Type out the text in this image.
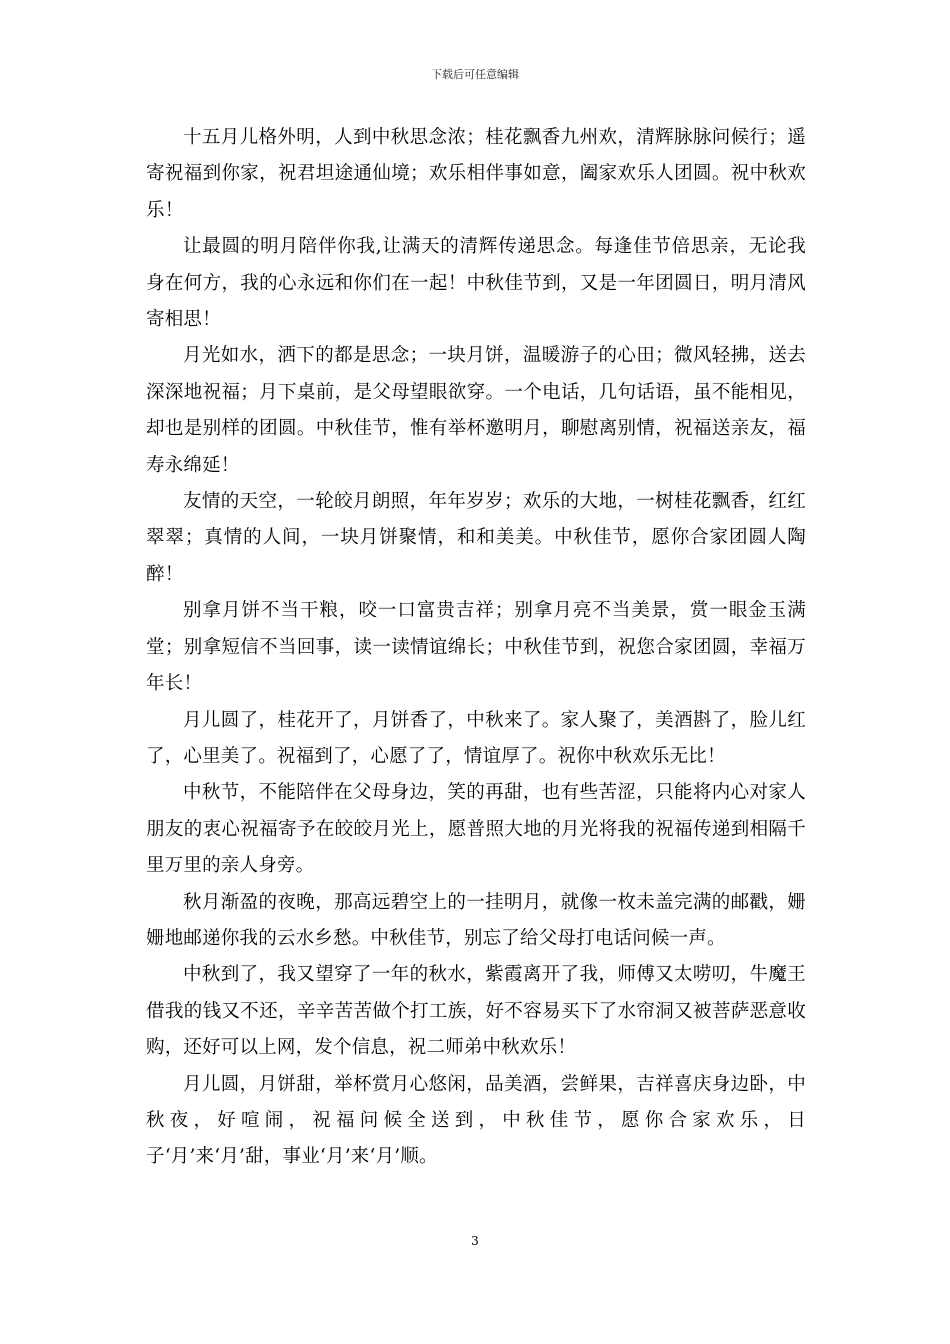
下载后可任意编辑

十五月儿格外明，人到中秋思念浓；桂花飘香九州欢，清辉脉脉问候行；遥寄祝福到你家，祝君坦途通仙境；欢乐相伴事如意，阖家欢乐人团圆。祝中秋欢乐！

让最圆的明月陪伴你我,让满天的清辉传递思念。每逢佳节倍思亲，无论我身在何方，我的心永远和你们在一起！中秋佳节到，又是一年团圆日，明月清风寄相思！

月光如水，洒下的都是思念；一块月饼，温暖游子的心田；微风轻拂，送去深深地祝福；月下桌前，是父母望眼欲穿。一个电话，几句话语，虽不能相见，却也是别样的团圆。中秋佳节，惟有举杯邀明月，聊慰离别情，祝福送亲友，福寿永绵延！

友情的天空，一轮皎月朗照，年年岁岁；欢乐的大地，一树桂花飘香，红红翠翠；真情的人间，一块月饼聚情，和和美美。中秋佳节，愿你合家团圆人陶醉！

别拿月饼不当干粮，咬一口富贵吉祥；别拿月亮不当美景，赏一眼金玉满堂；别拿短信不当回事，读一读情谊绵长；中秋佳节到，祝您合家团圆，幸福万年长！

月儿圆了，桂花开了，月饼香了，中秋来了。家人聚了，美酒斟了，脸儿红了，心里美了。祝福到了，心愿了了，情谊厚了。祝你中秋欢乐无比！

中秋节，不能陪伴在父母身边，笑的再甜，也有些苦涩，只能将内心对家人朋友的衷心祝福寄予在皎皎月光上，愿普照大地的月光将我的祝福传递到相隔千里万里的亲人身旁。

秋月渐盈的夜晚，那高远碧空上的一挂明月，就像一枚未盖完满的邮戳，姗姗地邮递你我的云水乡愁。中秋佳节，别忘了给父母打电话问候一声。

中秋到了，我又望穿了一年的秋水，紫霞离开了我，师傅又太唠叨，牛魔王借我的钱又不还，辛辛苦苦做个打工族，好不容易买下了水帘洞又被菩萨恶意收购，还好可以上网，发个信息，祝二师弟中秋欢乐！

月儿圆，月饼甜，举杯赏月心悠闲，品美酒，尝鲜果，吉祥喜庆身边卧，中秋夜，好喧闹，祝福问候全送到，中秋佳节，愿你合家欢乐，日子‘月’来‘月’甜，事业‘月’来‘月’顺。

3
